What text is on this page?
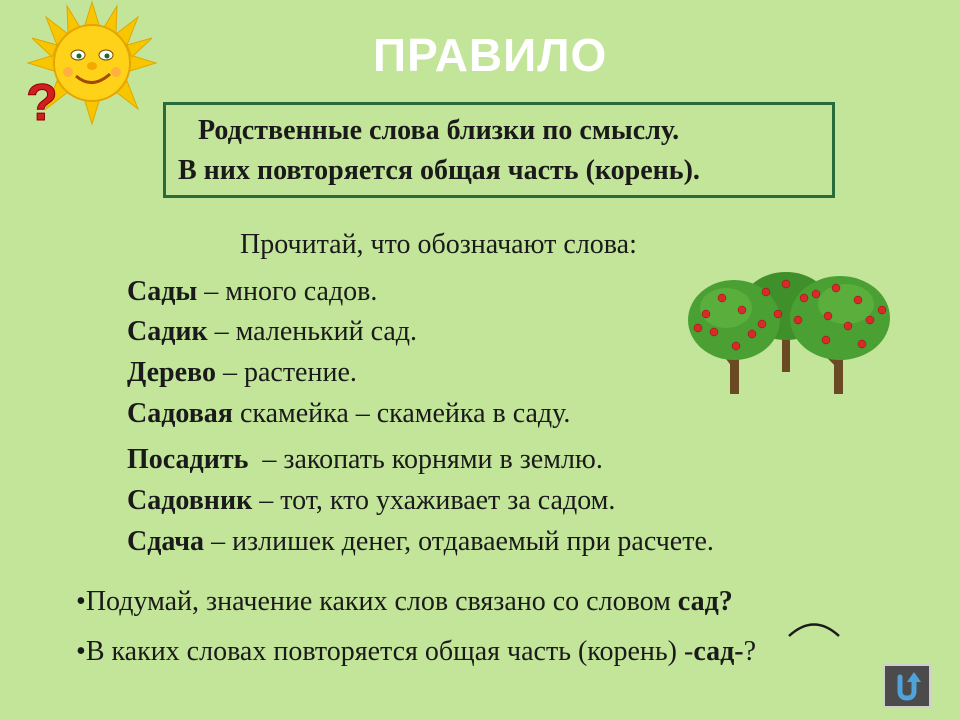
?
ПРАВИЛО
Родственные слова близки по смыслу.
В них повторяется общая часть (корень).
Прочитай, что обозначают слова:
Сады – много садов.
Садик – маленький сад.
Дерево – растение.
Садовая скамейка – скамейка в саду.
Посадить  – закопать корнями в землю.
Садовник – тот, кто ухаживает за садом.
Сдача – излишек денег, отдаваемый при расчете.
•Подумай, значение каких слов связано со словом сад?
•В каких словах повторяется общая часть (корень) -сад-?
